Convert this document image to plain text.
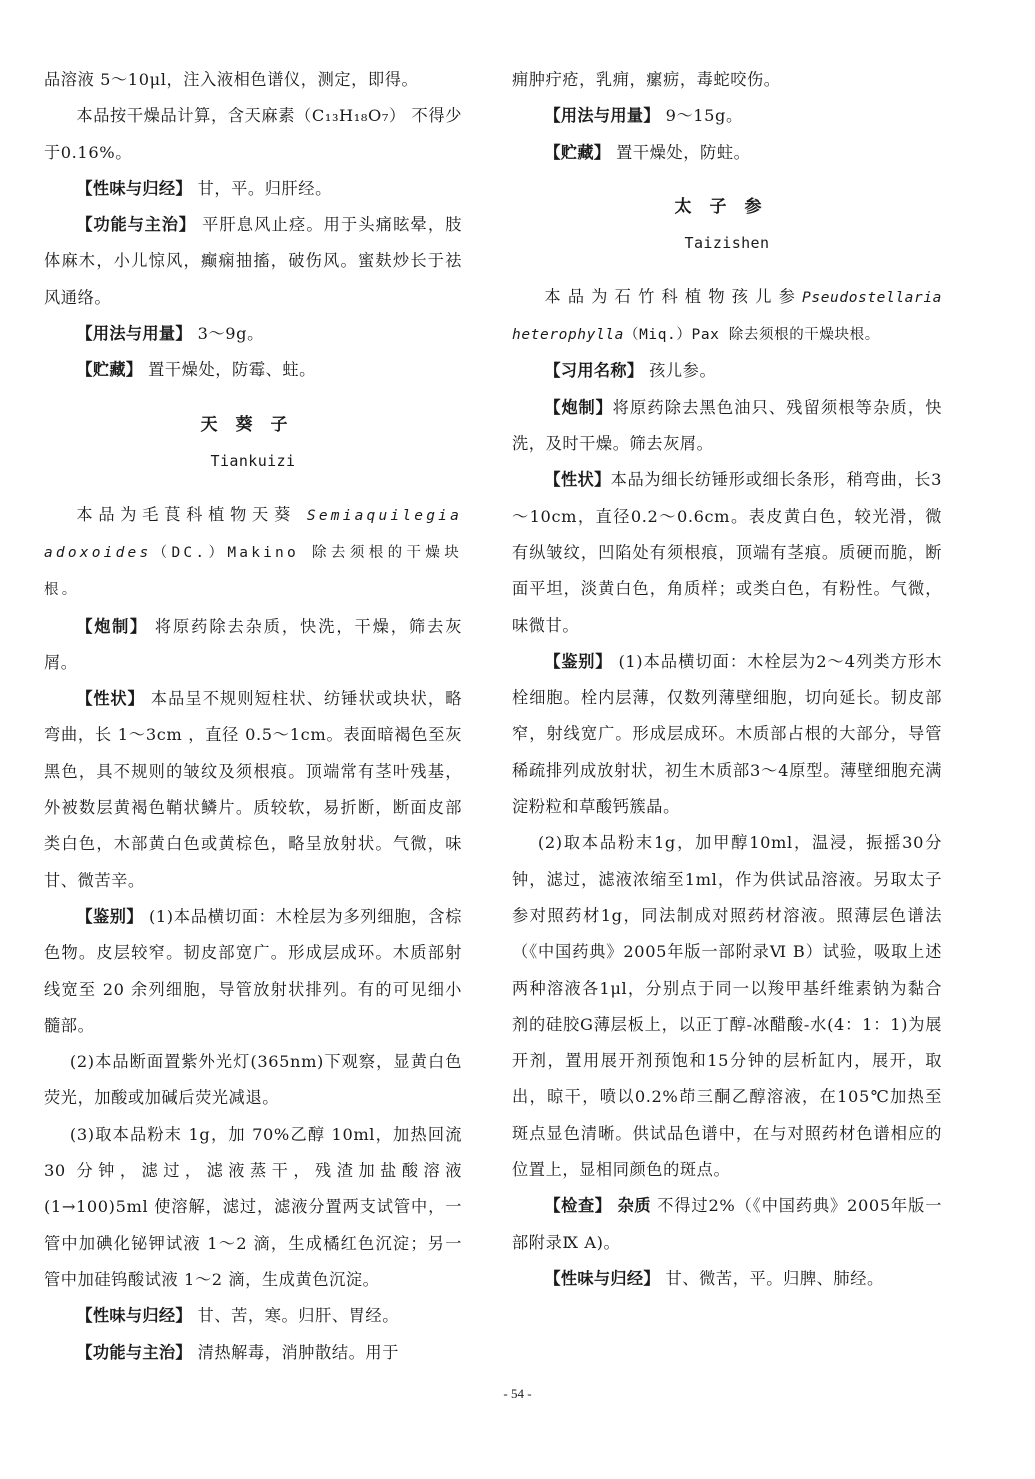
品溶液 5～10μl，注入液相色谱仪，测定，即得。

本品按干燥品计算，含天麻素（C₁₃H₁₈O₇） 不得少于0.16%。

【性味与归经】 甘，平。归肝经。

【功能与主治】 平肝息风止痉。用于头痛眩晕，肢体麻木，小儿惊风，癫痫抽搐，破伤风。蜜麸炒长于祛风通络。

【用法与用量】 3～9g。

【贮藏】 置干燥处，防霉、蛀。

天葵子

Tiankuizi

本品为毛茛科植物天葵 Semiaquilegia adoxoides（DC.）Makino 除去须根的干燥块根。

【炮制】 将原药除去杂质，快洗，干燥，筛去灰屑。

【性状】 本品呈不规则短柱状、纺锤状或块状，略弯曲，长 1～3cm ，直径 0.5～1cm。表面暗褐色至灰黑色，具不规则的皱纹及须根痕。顶端常有茎叶残基，外被数层黄褐色鞘状鳞片。质较软，易折断，断面皮部类白色，木部黄白色或黄棕色，略呈放射状。气微，味甘、微苦辛。

【鉴别】 (1)本品横切面：木栓层为多列细胞，含棕色物。皮层较窄。韧皮部宽广。形成层成环。木质部射线宽至 20 余列细胞，导管放射状排列。有的可见细小髓部。

(2)本品断面置紫外光灯(365nm)下观察，显黄白色荧光，加酸或加碱后荧光减退。

(3)取本品粉末 1g，加 70%乙醇 10ml，加热回流 30 分钟，滤过，滤液蒸干，残渣加盐酸溶液(1→100)5ml 使溶解，滤过，滤液分置两支试管中，一管中加碘化铋钾试液 1～2 滴，生成橘红色沉淀；另一管中加硅钨酸试液 1～2 滴，生成黄色沉淀。

【性味与归经】 甘、苦，寒。归肝、胃经。

【功能与主治】 清热解毒，消肿散结。用于

痈肿疔疮，乳痈，瘰疬，毒蛇咬伤。

【用法与用量】 9～15g。

【贮藏】 置干燥处，防蛀。

太子参

Taizishen

本品为石竹科植物孩儿参Pseudostellaria heterophylla（Miq.）Pax 除去须根的干燥块根。

【习用名称】 孩儿参。

【炮制】将原药除去黑色油只、残留须根等杂质，快洗，及时干燥。筛去灰屑。

【性状】本品为细长纺锤形或细长条形，稍弯曲，长3～10cm，直径0.2～0.6cm。表皮黄白色，较光滑，微有纵皱纹，凹陷处有须根痕，顶端有茎痕。质硬而脆，断面平坦，淡黄白色，角质样；或类白色，有粉性。气微，味微甘。

【鉴别】 (1)本品横切面：木栓层为2～4列类方形木栓细胞。栓内层薄，仅数列薄壁细胞，切向延长。韧皮部窄，射线宽广。形成层成环。木质部占根的大部分，导管稀疏排列成放射状，初生木质部3～4原型。薄壁细胞充满淀粉粒和草酸钙簇晶。

(2)取本品粉末1g，加甲醇10ml，温浸，振摇30分钟，滤过，滤液浓缩至1ml，作为供试品溶液。另取太子参对照药材1g，同法制成对照药材溶液。照薄层色谱法（《中国药典》2005年版一部附录Ⅵ B）试验，吸取上述两种溶液各1μl，分别点于同一以羧甲基纤维素钠为黏合剂的硅胶G薄层板上，以正丁醇-冰醋酸-水(4：1：1)为展开剂，置用展开剂预饱和15分钟的层析缸内，展开，取出，晾干，喷以0.2%茚三酮乙醇溶液，在105℃加热至斑点显色清晰。供试品色谱中，在与对照药材色谱相应的位置上，显相同颜色的斑点。

【检查】 杂质 不得过2%（《中国药典》2005年版一部附录Ⅸ A)。

【性味与归经】 甘、微苦，平。归脾、肺经。

- 54 -
